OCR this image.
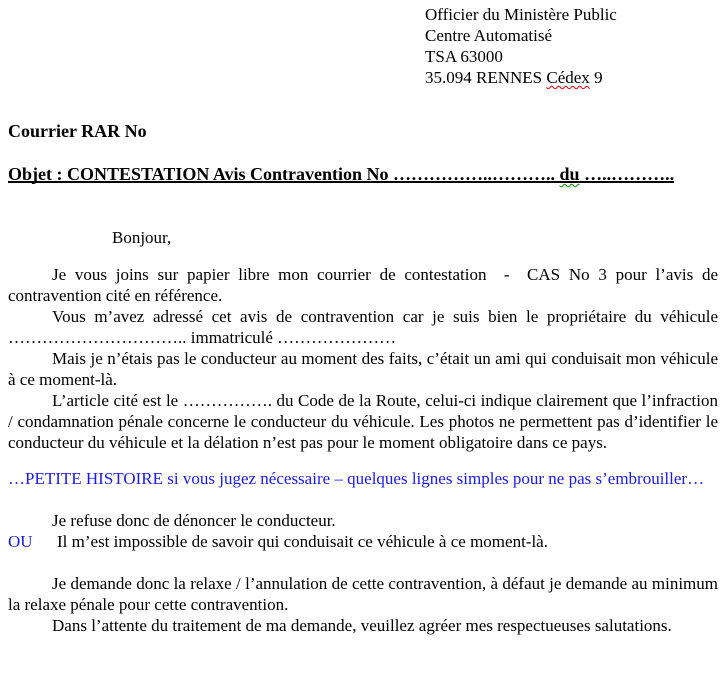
Officier du Ministère Public
Centre Automatisé
TSA 63000
35.094 RENNES Cédex 9
Courrier RAR No
Objet : CONTESTATION Avis Contravention No ……………..……….. du …..………..

Bonjour,

Je vous joins sur papier libre mon courrier de contestation  -  CAS No 3 pour l’avis de contravention cité en référence.

Vous m’avez adressé cet avis de contravention car je suis bien le propriétaire du véhicule ………………………….. immatriculé …………………

Mais je n’étais pas le conducteur au moment des faits, c’était un ami qui conduisait mon véhicule à ce moment-là.

L’article cité est le ……………. du Code de la Route, celui-ci indique clairement que l’infraction / condamnation pénale concerne le conducteur du véhicule. Les photos ne permettent pas d’identifier le conducteur du véhicule et la délation n’est pas pour le moment obligatoire dans ce pays.

…PETITE HISTOIRE si vous jugez nécessaire – quelques lignes simples pour ne pas s’embrouiller…

Je refuse donc de dénoncer le conducteur.

OU Il m’est impossible de savoir qui conduisait ce véhicule à ce moment-là.

Je demande donc la relaxe / l’annulation de cette contravention, à défaut je demande au minimum la relaxe pénale pour cette contravention.

Dans l’attente du traitement de ma demande, veuillez agréer mes respectueuses salutations.
